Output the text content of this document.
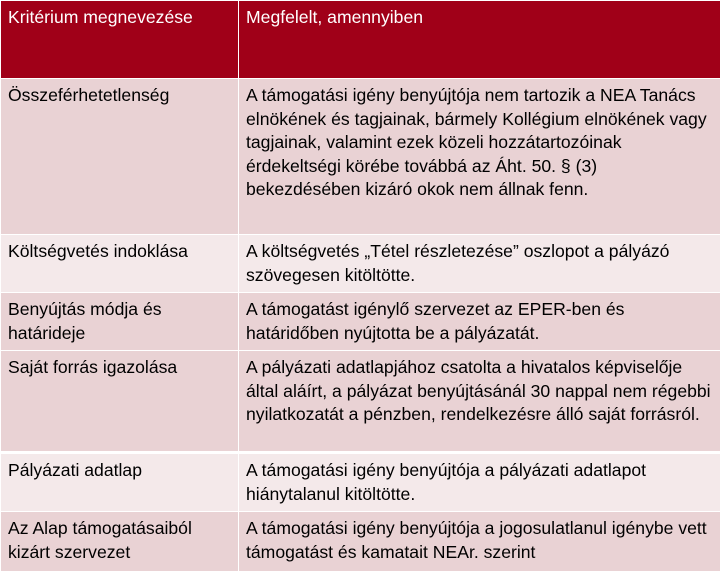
Kritérium megnevezése	Megfelelt, amennyiben
Összeférhetetlenség	A támogatási igény benyújtója nem tartozik a NEA Tanács elnökének és tagjainak, bármely Kollégium elnökének vagy tagjainak, valamint ezek közeli hozzátartozóinak érdekeltségi körébe továbbá az Áht. 50. § (3) bekezdésében kizáró okok nem állnak fenn.
Költségvetés indoklása	A költségvetés „Tétel részletezése” oszlopot a pályázó szövegesen kitöltötte.
Benyújtás módja és határideje	A támogatást igénylő szervezet az EPER-ben és határidőben nyújtotta be a pályázatát.
Saját forrás igazolása	A pályázati adatlapjához csatolta a hivatalos képviselője által aláírt, a pályázat benyújtásánál 30 nappal nem régebbi nyilatkozatát a pénzben, rendelkezésre álló saját forrásról.
Pályázati adatlap	A támogatási igény benyújtója a pályázati adatlapot hiánytalanul kitöltötte.
Az Alap támogatásaiból kizárt szervezet	A támogatási igény benyújtója a jogosulatlanul igénybe vett támogatást és kamatait NEAr. szerint
